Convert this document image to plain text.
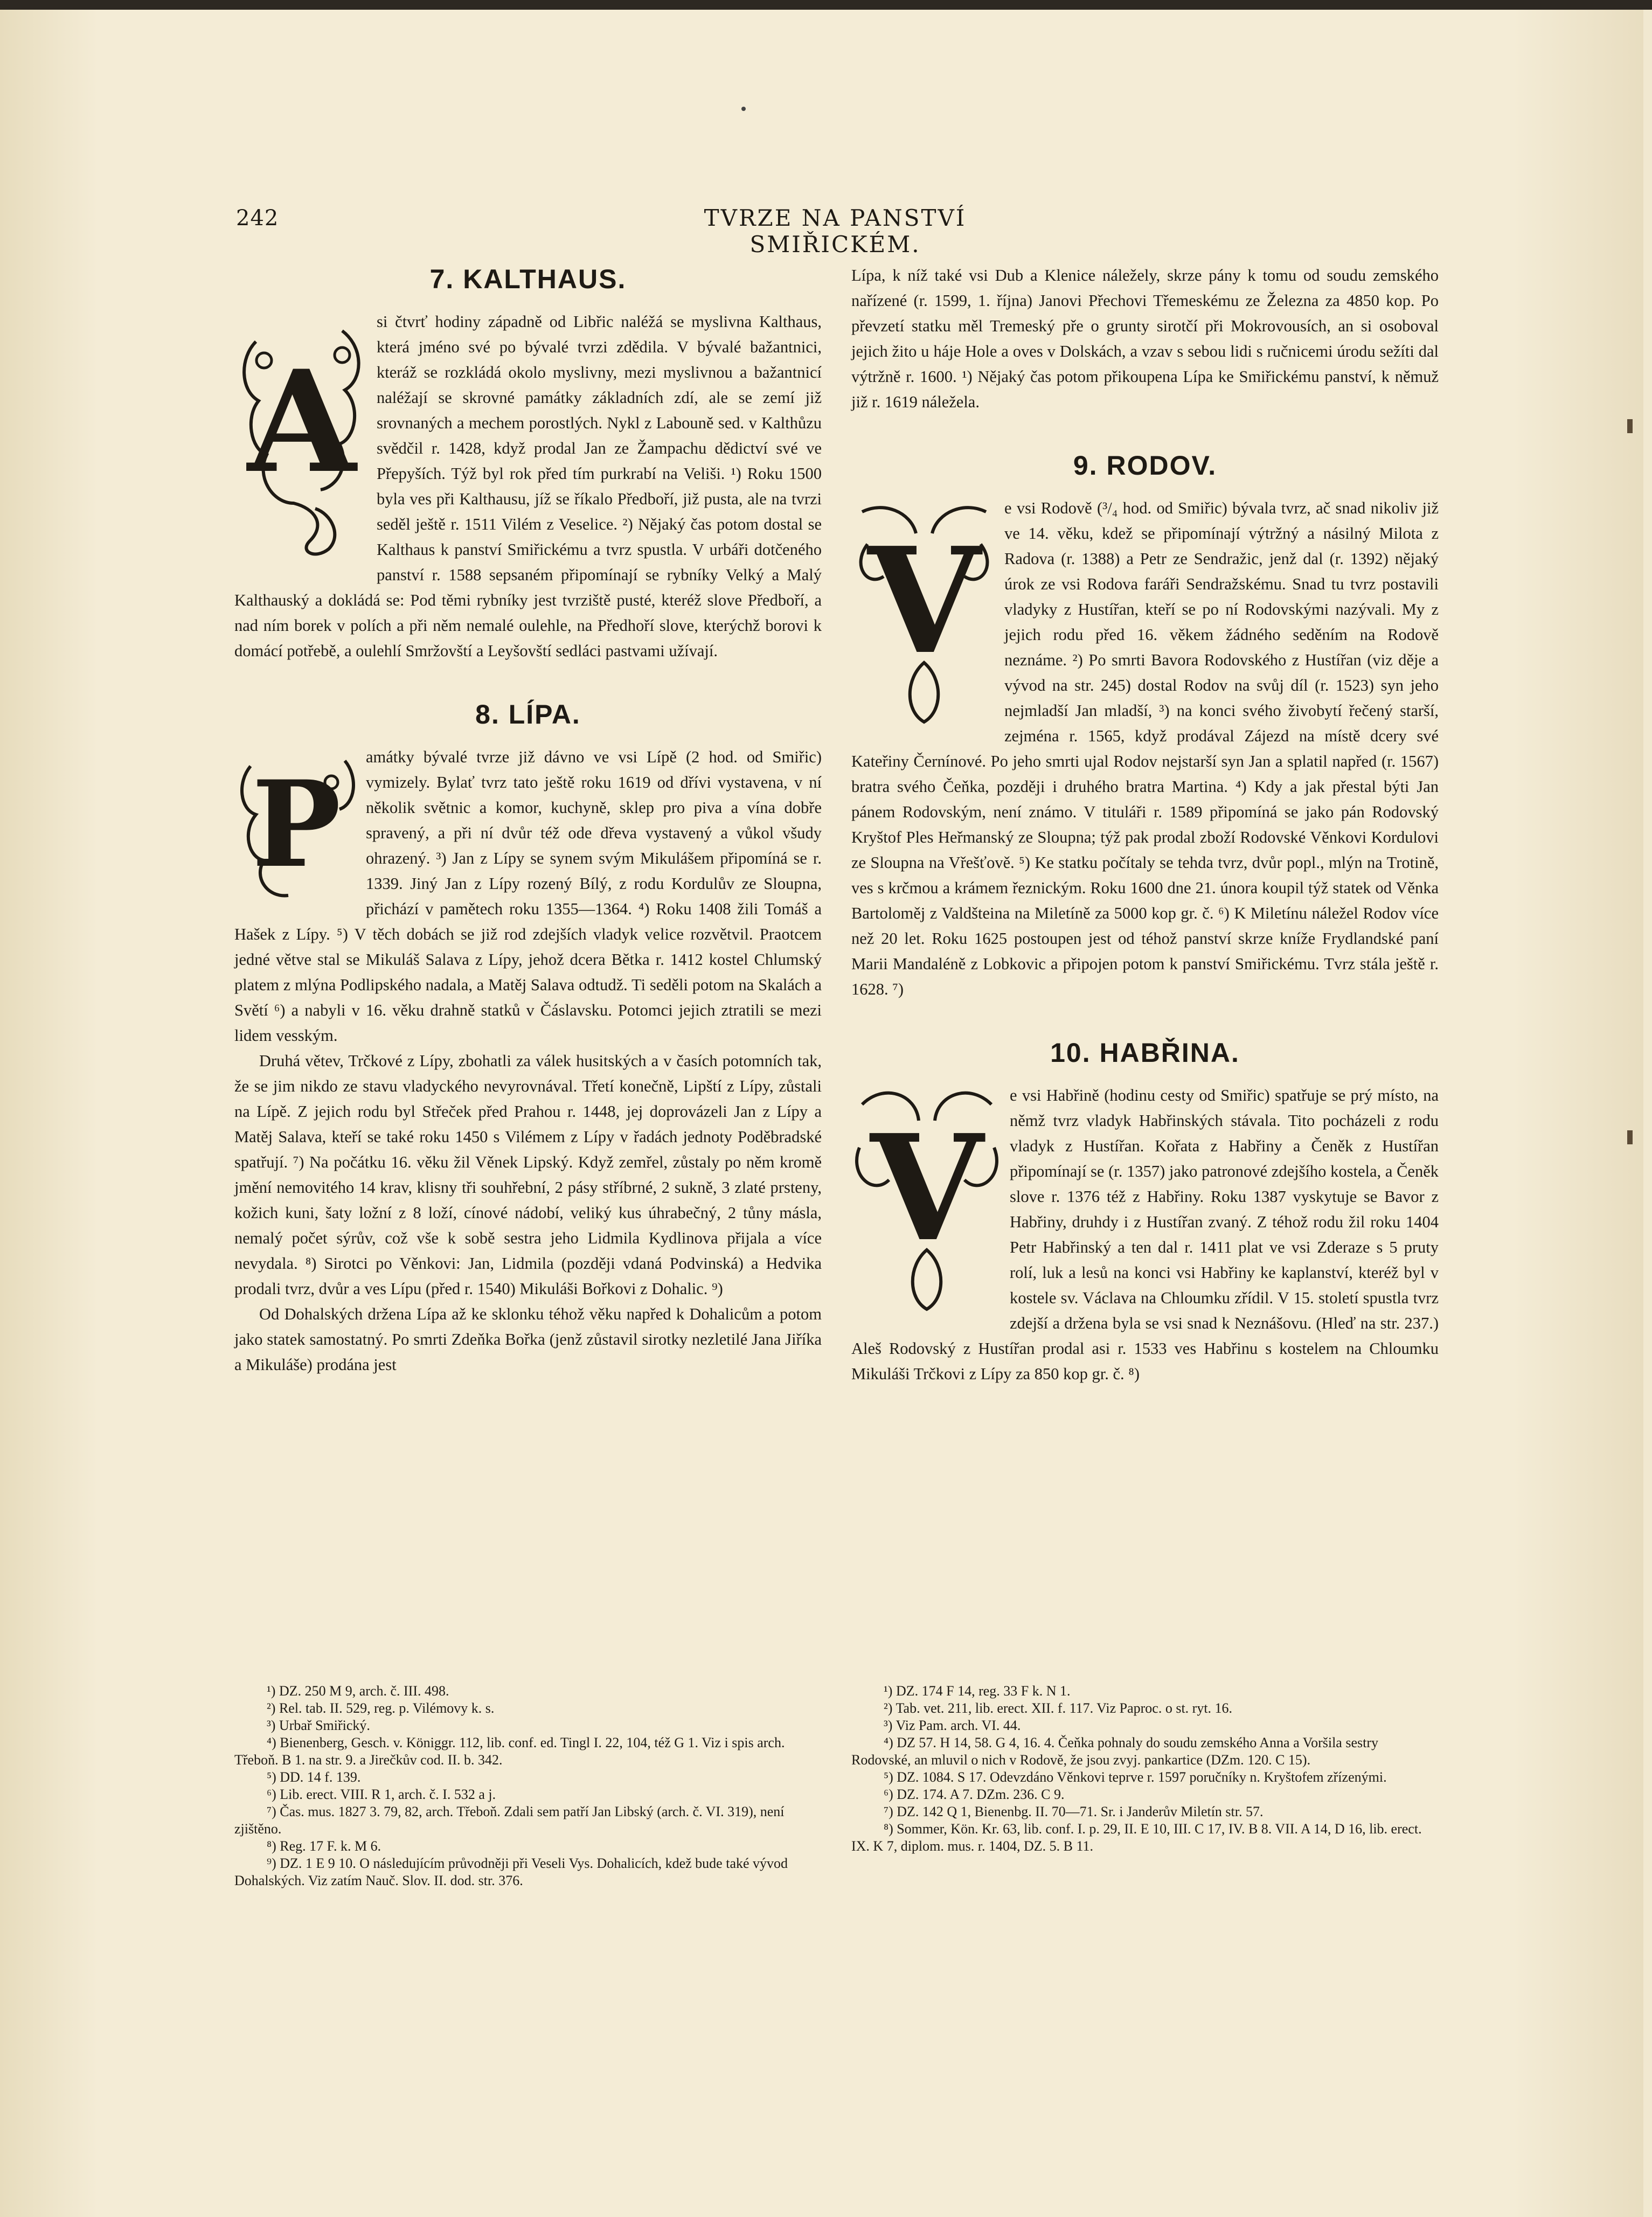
242	TVRZE NA PANSTVÍ SMIŘICKÉM.
7. KALTHAUS.
A

si čtvrť hodiny západně od Libřic naléžá se myslivna Kalthaus, která jméno své po bývalé tvrzi zdědila. V bývalé bažantnici, kteráž se rozkládá okolo myslivny, mezi myslivnou a bažantnicí naléžají se skrovné památky základních zdí, ale se zemí již srovnaných a mechem porostlých. Nykl z Labouně sed. v Kalthůzu svědčil r. 1428, když prodal Jan ze Žampachu dědictví své ve Přepyších. Týž byl rok před tím purkrabí na Veliši. ¹) Roku 1500 byla ves při Kalthausu, jíž se říkalo Předboří, již pusta, ale na tvrzi seděl ještě r. 1511 Vilém z Veselice. ²) Nějaký čas potom dostal se Kalthaus k panství Smiřickému a tvrz spustla. V urbáři dotčeného panství r. 1588 sepsaném připomínají se rybníky Velký a Malý Kalthauský a dokládá se: Pod těmi rybníky jest tvrziště pusté, kteréž slove Předboří, a nad ním borek v polích a při něm nemalé oulehle, na Předhoří slove, kterýchž borovi k domácí potřebě, a oulehlí Smržovští a Leyšovští sedláci pastvami užívají.

8. LÍPA.
P	amátky bývalé tvrze již dávno ve vsi Lípě (2 hod. od Smiřic) vymizely. Bylať tvrz tato ještě roku 1619 od dřívi vystavena, v ní několik světnic a komor, kuchyně, sklep pro piva a vína dobře spravený, a při ní dvůr též ode dřeva vystavený a vůkol všudy ohrazený. ³) Jan z Lípy se synem svým Mikulášem připomíná se r. 1339. Jiný Jan z Lípy rozený Bílý, z rodu Kordulův ze Sloupna, přichází v pamětech roku 1355—1364. ⁴) Roku 1408 žili Tomáš a Hašek z Lípy. ⁵) V těch dobách se již rod zdejších vladyk velice rozvětvil. Praotcem jedné větve stal se Mikuláš Salava z Lípy, jehož dcera Bětka r. 1412 kostel Chlumský platem z mlýna Podlipského nadala, a Matěj Salava odtudž. Ti seděli potom na Skalách a Světí ⁶) a nabyli v 16. věku drahně statků v Čáslavsku. Potomci jejich ztratili se mezi lidem vesským.

Druhá větev, Trčkové z Lípy, zbohatli za válek husitských a v časích potomních tak, že se jim nikdo ze stavu vladyckého nevyrovnával. Třetí konečně, Lipští z Lípy, zůstali na Lípě. Z jejich rodu byl Střeček před Prahou r. 1448, jej doprovázeli Jan z Lípy a Matěj Salava, kteří se také roku 1450 s Vilémem z Lípy v řadách jednoty Poděbradské spatřují. ⁷) Na počátku 16. věku žil Věnek Lipský. Když zemřel, zůstaly po něm kromě jmění nemovitého 14 krav, klisny tři souhřební, 2 pásy stříbrné, 2 sukně, 3 zlaté prsteny, kožich kuni, šaty ložní z 8 loží, cínové nádobí, veliký kus úhrabečný, 2 tůny másla, nemalý počet sýrův, což vše k sobě sestra jeho Lidmila Kydlinova přijala a více nevydala. ⁸) Sirotci po Věnkovi: Jan, Lidmila (později vdaná Podvinská) a Hedvika prodali tvrz, dvůr a ves Lípu (před r. 1540) Mikuláši Bořkovi z Dohalic. ⁹)

Od Dohalských držena Lípa až ke sklonku téhož věku napřed k Dohalicům a potom jako statek samostatný. Po smrti Zdeňka Bořka (jenž zůstavil sirotky nezletilé Jana Jiříka a Mikuláše) prodána jest

Lípa, k níž také vsi Dub a Klenice náležely, skrze pány k tomu od soudu zemského nařízené (r. 1599, 1. října) Janovi Přechovi Třemeskému ze Železna za 4850 kop. Po převzetí statku měl Tremeský pře o grunty sirotčí při Mokrovousích, an si osoboval jejich žito u háje Hole a oves v Dolskách, a vzav s sebou lidi s ručnicemi úrodu sežíti dal výtržně r. 1600. ¹) Nějaký čas potom přikoupena Lípa ke Smiřickému panství, k němuž již r. 1619 náležela.

9. RODOV.
V

e vsi Rodově (³/₄ hod. od Smiřic) bývala tvrz, ač snad nikoliv již ve 14. věku, kdež se připomínají výtržný a násilný Milota z Radova (r. 1388) a Petr ze Sendražic, jenž dal (r. 1392) nějaký úrok ze vsi Rodova faráři Sendražskému. Snad tu tvrz postavili vladyky z Hustířan, kteří se po ní Rodovskými nazývali. My z jejich rodu před 16. věkem žádného seděním na Rodově neznáme. ²) Po smrti Bavora Rodovského z Hustířan (viz děje a vývod na str. 245) dostal Rodov na svůj díl (r. 1523) syn jeho nejmladší Jan mladší, ³) na konci svého živobytí řečený starší, zejména r. 1565, když prodával Zájezd na místě dcery své Kateřiny Černínové. Po jeho smrti ujal Rodov nejstarší syn Jan a splatil napřed (r. 1567) bratra svého Čeňka, později i druhého bratra Martina. ⁴) Kdy a jak přestal býti Jan pánem Rodovským, není známo. V tituláři r. 1589 připomíná se jako pán Rodovský Kryštof Ples Heřmanský ze Sloupna; týž pak prodal zboží Rodovské Věnkovi Kordulovi ze Sloupna na Vřešťově. ⁵) Ke statku počítaly se tehda tvrz, dvůr popl., mlýn na Trotině, ves s krčmou a krámem řeznickým. Roku 1600 dne 21. února koupil týž statek od Věnka Bartoloměj z Valdšteina na Miletíně za 5000 kop gr. č. ⁶) K Miletínu náležel Rodov více než 20 let. Roku 1625 postoupen jest od téhož panství skrze knížе Frydlandské paní Marii Mandaléně z Lobkovic a připojen potom k panství Smiřickému. Tvrz stála ještě r. 1628. ⁷)

10. HABŘINA.
V

e vsi Habřině (hodinu cesty od Smiřic) spatřuje se prý místo, na němž tvrz vladyk Habřinských stávala. Tito pocházeli z rodu vladyk z Hustířan. Kořata z Habřiny a Čeněk z Hustířan připomínají se (r. 1357) jako patronové zdejšího kostela, a Čeněk slove r. 1376 též z Habřiny. Roku 1387 vyskytuje se Bavor z Habřiny, druhdy i z Hustířan zvaný. Z téhož rodu žil roku 1404 Petr Habřinský a ten dal r. 1411 plat ve vsi Zderaze s 5 pruty rolí, luk a lesů na konci vsi Habřiny ke kaplanství, kteréž byl v kostele sv. Václava na Chloumku zřídil. V 15. století spustla tvrz zdejší a držena byla se vsi snad k Neznášovu. (Hleď na str. 237.) Aleš Rodovský z Hustířan prodal asi r. 1533 ves Habřinu s kostelem na Chloumku Mikuláši Trčkovi z Lípy za 850 kop gr. č. ⁸)

¹) DZ. 250 M 9, arch. č. III. 498.

²) Rel. tab. II. 529, reg. p. Vilémovy k. s.

³) Urbař Smiřický.

⁴) Bienenberg, Gesch. v. Königgr. 112, lib. conf. ed. Tingl I. 22, 104, též G 1. Viz i spis arch. Třeboň. B 1. na str. 9. a Jirečkův cod. II. b. 342.

⁵) DD. 14 f. 139.

⁶) Lib. erect. VIII. R 1, arch. č. I. 532 a j.

⁷) Čas. mus. 1827 3. 79, 82, arch. Třeboň. Zdali sem patří Jan Libský (arch. č. VI. 319), není zjištěno.

⁸) Reg. 17 F. k. M 6.

⁹) DZ. 1 E 9 10. O následujícím průvodněji při Veseli Vys. Dohalicích, kdež bude také vývod Dohalských. Viz zatím Nauč. Slov. II. dod. str. 376.

¹) DZ. 174 F 14, reg. 33 F k. N 1.

²) Tab. vet. 211, lib. erect. XII. f. 117. Viz Paproc. o st. ryt. 16.

³) Viz Pam. arch. VI. 44.

⁴) DZ 57. H 14, 58. G 4, 16. 4. Čeňka pohnaly do soudu zemského Anna a Voršila sestry Rodovské, an mluvil o nich v Rodově, že jsou zvyj. pankartice (DZm. 120. C 15).

⁵) DZ. 1084. S 17. Odevzdáno Věnkovi teprve r. 1597 poručníky n. Kryštofem zřízenými.

⁶) DZ. 174. A 7. DZm. 236. C 9.

⁷) DZ. 142 Q 1, Bienenbg. II. 70—71. Sr. i Janderův Miletín str. 57.

⁸) Sommer, Kön. Kr. 63, lib. conf. I. p. 29, II. E 10, III. C 17, IV. B 8. VII. A 14, D 16, lib. erect. IX. K 7, diplom. mus. r. 1404, DZ. 5. B 11.
